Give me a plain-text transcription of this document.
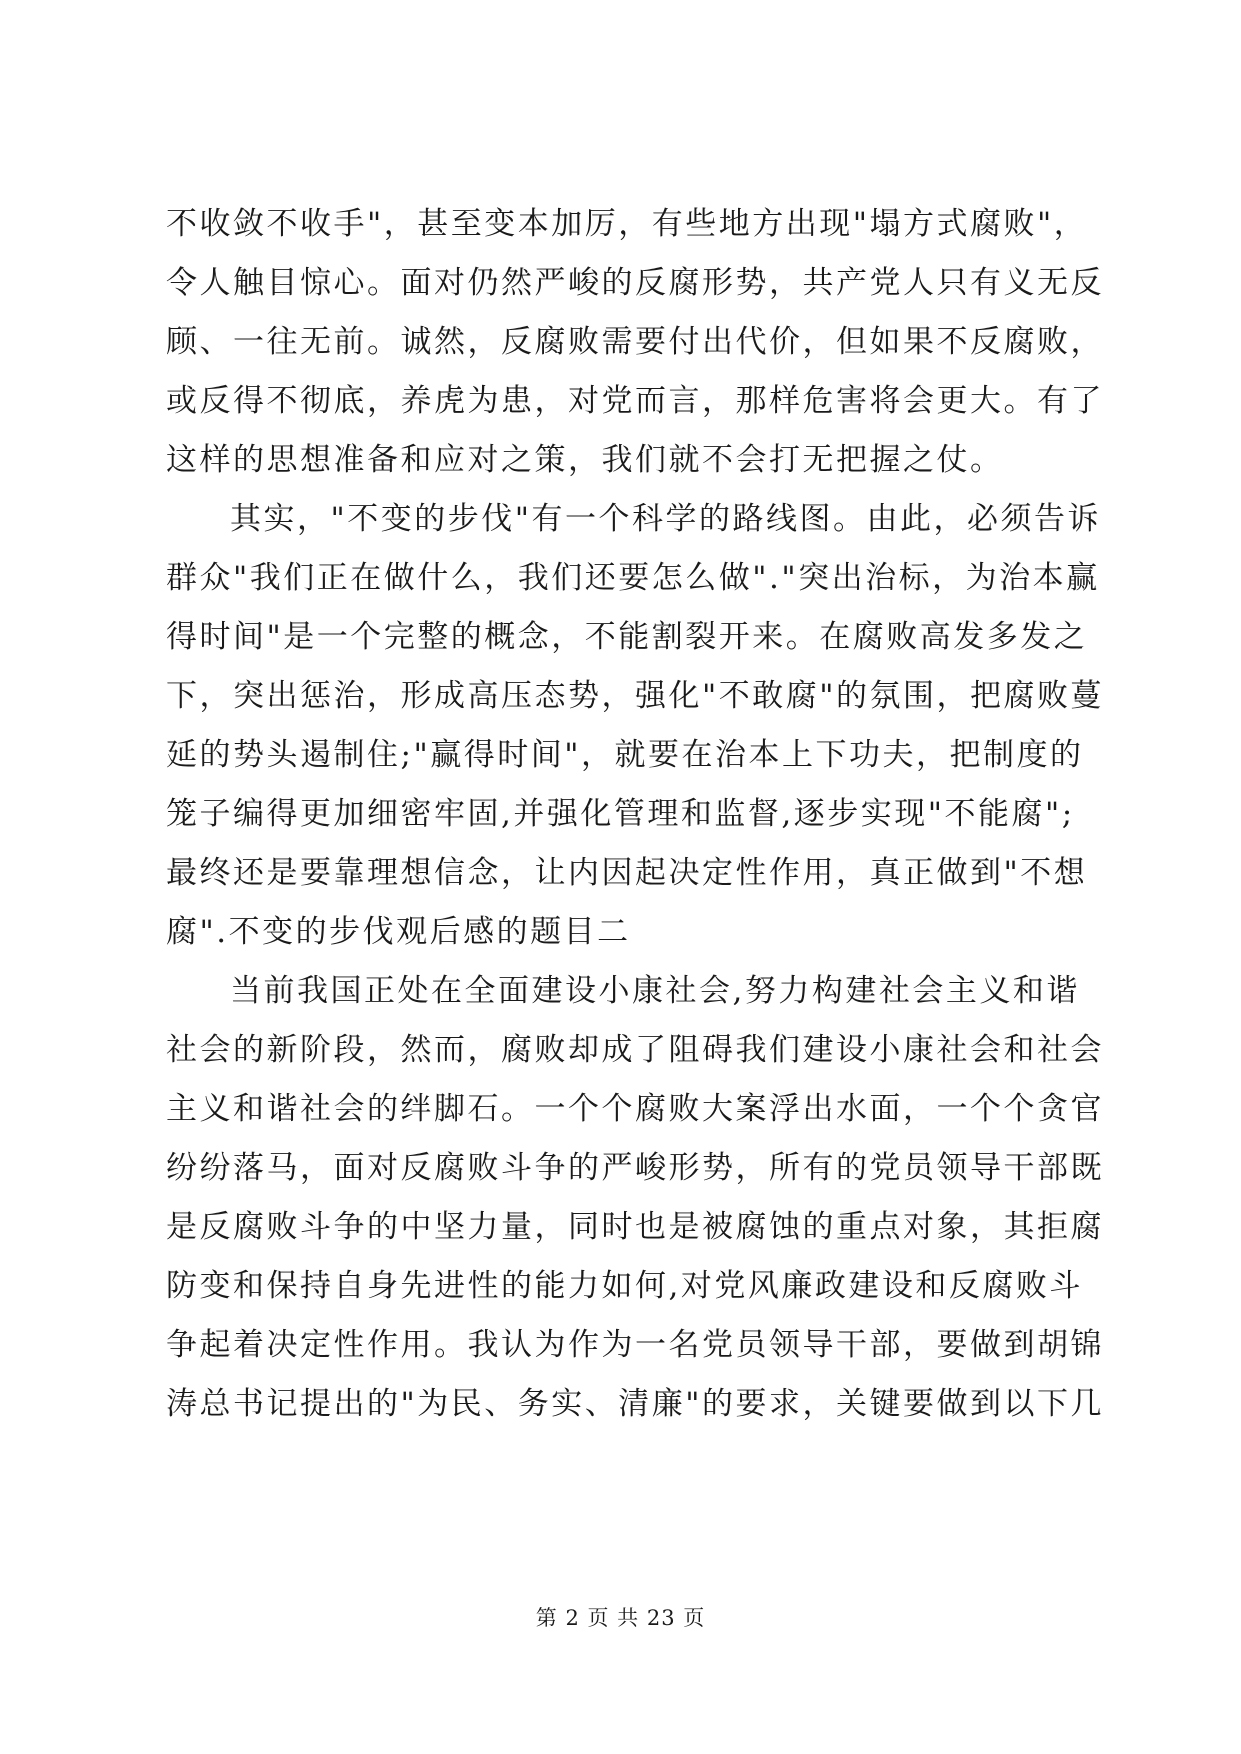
不收敛不收手"，甚至变本加厉，有些地方出现"塌方式腐败"，
令人触目惊心。面对仍然严峻的反腐形势，共产党人只有义无反
顾、一往无前。诚然，反腐败需要付出代价，但如果不反腐败，
或反得不彻底，养虎为患，对党而言，那样危害将会更大。有了
这样的思想准备和应对之策，我们就不会打无把握之仗。
其实，"不变的步伐"有一个科学的路线图。由此，必须告诉
群众"我们正在做什么，我们还要怎么做"."突出治标，为治本赢
得时间"是一个完整的概念，不能割裂开来。在腐败高发多发之
下，突出惩治，形成高压态势，强化"不敢腐"的氛围，把腐败蔓
延的势头遏制住;"赢得时间"，就要在治本上下功夫，把制度的
笼子编得更加细密牢固,并强化管理和监督,逐步实现"不能腐";
最终还是要靠理想信念，让内因起决定性作用，真正做到"不想
腐".不变的步伐观后感的题目二
当前我国正处在全面建设小康社会,努力构建社会主义和谐
社会的新阶段，然而，腐败却成了阻碍我们建设小康社会和社会
主义和谐社会的绊脚石。一个个腐败大案浮出水面，一个个贪官
纷纷落马，面对反腐败斗争的严峻形势，所有的党员领导干部既
是反腐败斗争的中坚力量，同时也是被腐蚀的重点对象，其拒腐
防变和保持自身先进性的能力如何,对党风廉政建设和反腐败斗
争起着决定性作用。我认为作为一名党员领导干部，要做到胡锦
涛总书记提出的"为民、务实、清廉"的要求，关键要做到以下几
第 2 页 共 23 页
